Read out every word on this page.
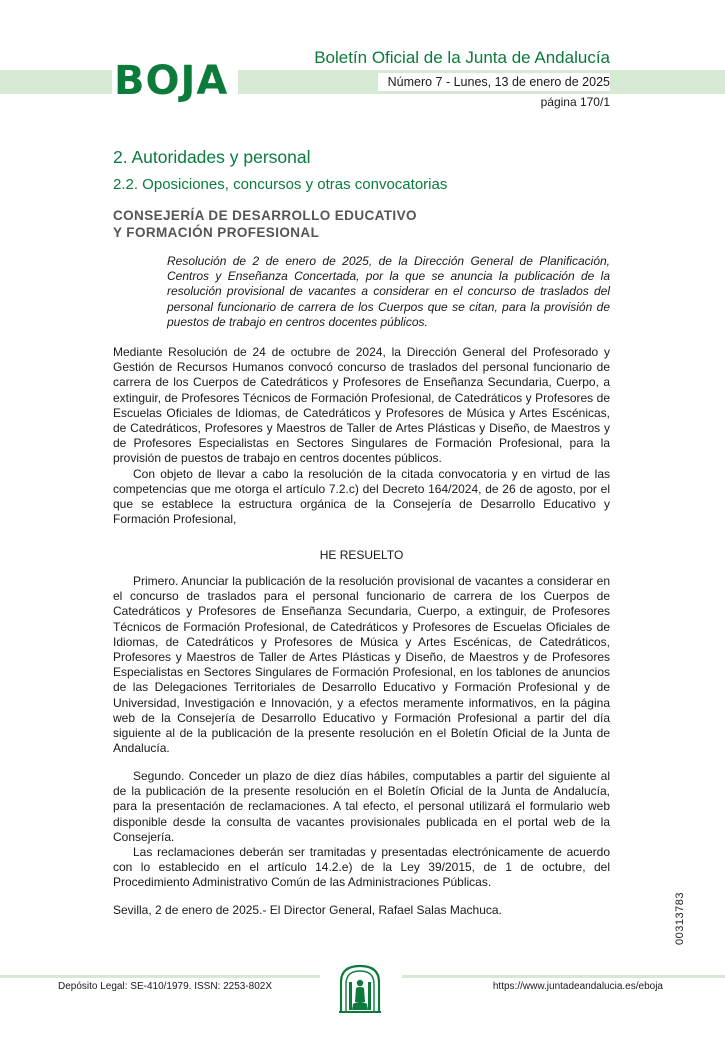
BOJA
Boletín Oficial de la Junta de Andalucía
Número 7 - Lunes, 13 de enero de 2025
página 170/1
2. Autoridades y personal
2.2. Oposiciones, concursos y otras convocatorias
CONSEJERÍA DE DESARROLLO EDUCATIVO
Y FORMACIÓN PROFESIONAL
Resolución de 2 de enero de 2025, de la Dirección General de Planificación, Centros y Enseñanza Concertada, por la que se anuncia la publicación de la resolución provisional de vacantes a considerar en el concurso de traslados del personal funcionario de carrera de los Cuerpos que se citan, para la provisión de puestos de trabajo en centros docentes públicos.

Mediante Resolución de 24 de octubre de 2024, la Dirección General del Profesorado y Gestión de Recursos Humanos convocó concurso de traslados del personal funcionario de carrera de los Cuerpos de Catedráticos y Profesores de Enseñanza Secundaria, Cuerpo, a extinguir, de Profesores Técnicos de Formación Profesional, de Catedráticos y Profesores de Escuelas Oficiales de Idiomas, de Catedráticos y Profesores de Música y Artes Escénicas, de Catedráticos, Profesores y Maestros de Taller de Artes Plásticas y Diseño, de Maestros y de Profesores Especialistas en Sectores Singulares de Formación Profesional, para la provisión de puestos de trabajo en centros docentes públicos.

Con objeto de llevar a cabo la resolución de la citada convocatoria y en virtud de las competencias que me otorga el artículo 7.2.c) del Decreto 164/2024, de 26 de agosto, por el que se establece la estructura orgánica de la Consejería de Desarrollo Educativo y Formación Profesional,

HE RESUELTO

Primero. Anunciar la publicación de la resolución provisional de vacantes a considerar en el concurso de traslados para el personal funcionario de carrera de los Cuerpos de Catedráticos y Profesores de Enseñanza Secundaria, Cuerpo, a extinguir, de Profesores Técnicos de Formación Profesional, de Catedráticos y Profesores de Escuelas Oficiales de Idiomas, de Catedráticos y Profesores de Música y Artes Escénicas, de Catedráticos, Profesores y Maestros de Taller de Artes Plásticas y Diseño, de Maestros y de Profesores Especialistas en Sectores Singulares de Formación Profesional, en los tablones de anuncios de las Delegaciones Territoriales de Desarrollo Educativo y Formación Profesional y de Universidad, Investigación e Innovación, y a efectos meramente informativos, en la página web de la Consejería de Desarrollo Educativo y Formación Profesional a partir del día siguiente al de la publicación de la presente resolución en el Boletín Oficial de la Junta de Andalucía.

Segundo. Conceder un plazo de diez días hábiles, computables a partir del siguiente al de la publicación de la presente resolución en el Boletín Oficial de la Junta de Andalucía, para la presentación de reclamaciones. A tal efecto, el personal utilizará el formulario web disponible desde la consulta de vacantes provisionales publicada en el portal web de la Consejería.

Las reclamaciones deberán ser tramitadas y presentadas electrónicamente de acuerdo con lo establecido en el artículo 14.2.e) de la Ley 39/2015, de 1 de octubre, del Procedimiento Administrativo Común de las Administraciones Públicas.

Sevilla, 2 de enero de 2025.- El Director General, Rafael Salas Machuca.	00313783
Depósito Legal: SE-410/1979. ISSN: 2253-802X	https://www.juntadeandalucia.es/eboja
